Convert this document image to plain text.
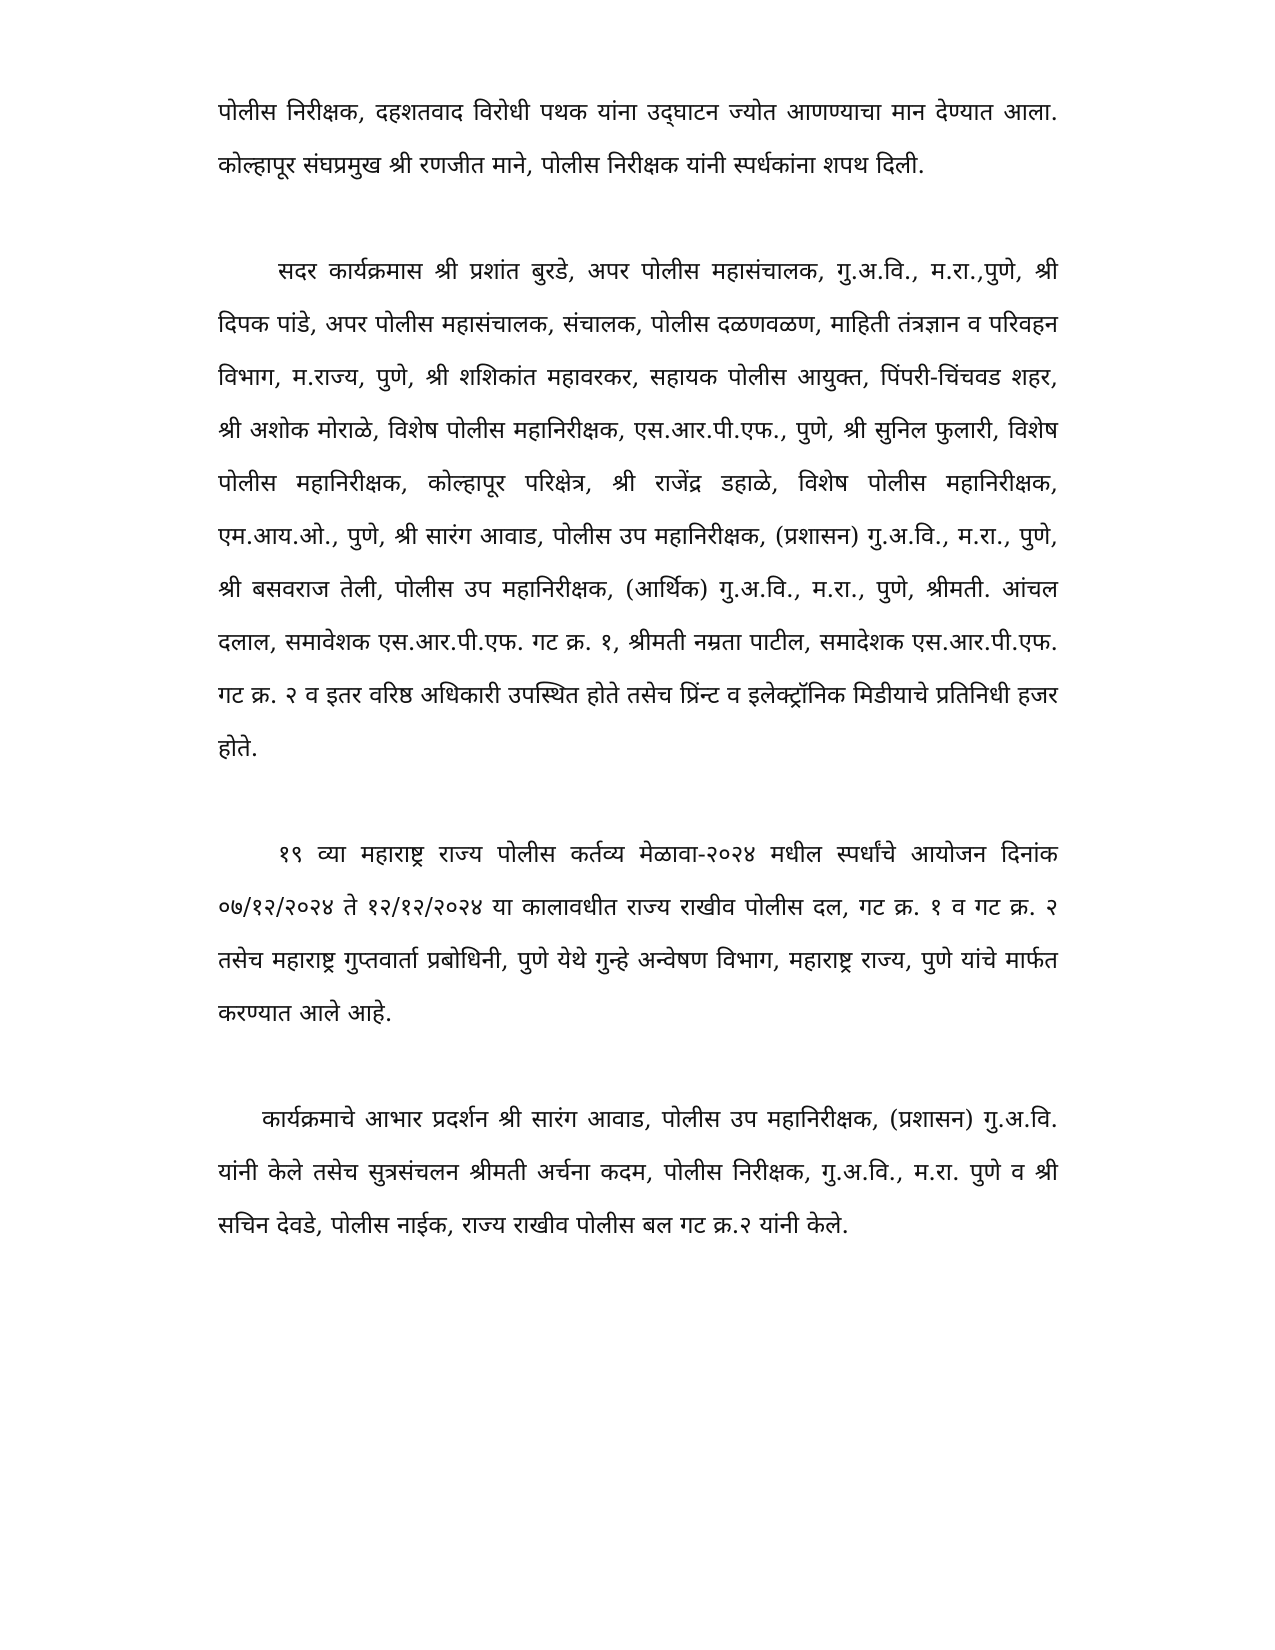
पोलीस निरीक्षक, दहशतवाद विरोधी पथक यांना उद्‌घाटन ज्योत आणण्याचा मान देण्यात आला. कोल्हापूर संघप्रमुख श्री रणजीत माने, पोलीस निरीक्षक यांनी स्पर्धकांना शपथ दिली.

सदर कार्यक्रमास श्री प्रशांत बुरडे, अपर पोलीस महासंचालक, गु.अ.वि., म.रा.,पुणे, श्री दिपक पांडे, अपर पोलीस महासंचालक, संचालक, पोलीस दळणवळण, माहिती तंत्रज्ञान व परिवहन विभाग, म.राज्य, पुणे, श्री शशिकांत महावरकर, सहायक पोलीस आयुक्त, पिंपरी-चिंचवड शहर, श्री अशोक मोराळे, विशेष पोलीस महानिरीक्षक, एस.आर.पी.एफ., पुणे, श्री सुनिल फुलारी, विशेष पोलीस महानिरीक्षक, कोल्हापूर परिक्षेत्र, श्री राजेंद्र डहाळे, विशेष पोलीस महानिरीक्षक, एम.आय.ओ., पुणे, श्री सारंग आवाड, पोलीस उप महानिरीक्षक, (प्रशासन) गु.अ.वि., म.रा., पुणे, श्री बसवराज तेली, पोलीस उप महानिरीक्षक, (आर्थिक) गु.अ.वि., म.रा., पुणे, श्रीमती. आंचल दलाल, समावेशक एस.आर.पी.एफ. गट क्र. १, श्रीमती नम्रता पाटील, समादेशक एस.आर.पी.एफ. गट क्र. २ व इतर वरिष्ठ अधिकारी उपस्थित होते तसेच प्रिंन्ट व इलेक्ट्रॉनिक मिडीयाचे प्रतिनिधी हजर होते.

१९ व्या महाराष्ट्र राज्य पोलीस कर्तव्य मेळावा-२०२४ मधील स्पर्धांचे आयोजन दिनांक ०७/१२/२०२४ ते १२/१२/२०२४ या कालावधीत राज्य राखीव पोलीस दल, गट क्र. १ व गट क्र. २ तसेच महाराष्ट्र गुप्तवार्ता प्रबोधिनी, पुणे येथे गुन्हे अन्वेषण विभाग, महाराष्ट्र राज्य, पुणे यांचे मार्फत करण्यात आले आहे.

कार्यक्रमाचे आभार प्रदर्शन श्री सारंग आवाड, पोलीस उप महानिरीक्षक, (प्रशासन) गु.अ.वि. यांनी केले तसेच सुत्रसंचलन श्रीमती अर्चना कदम, पोलीस निरीक्षक, गु.अ.वि., म.रा. पुणे व श्री सचिन देवडे, पोलीस नाईक, राज्य राखीव पोलीस बल गट क्र.२ यांनी केले.
